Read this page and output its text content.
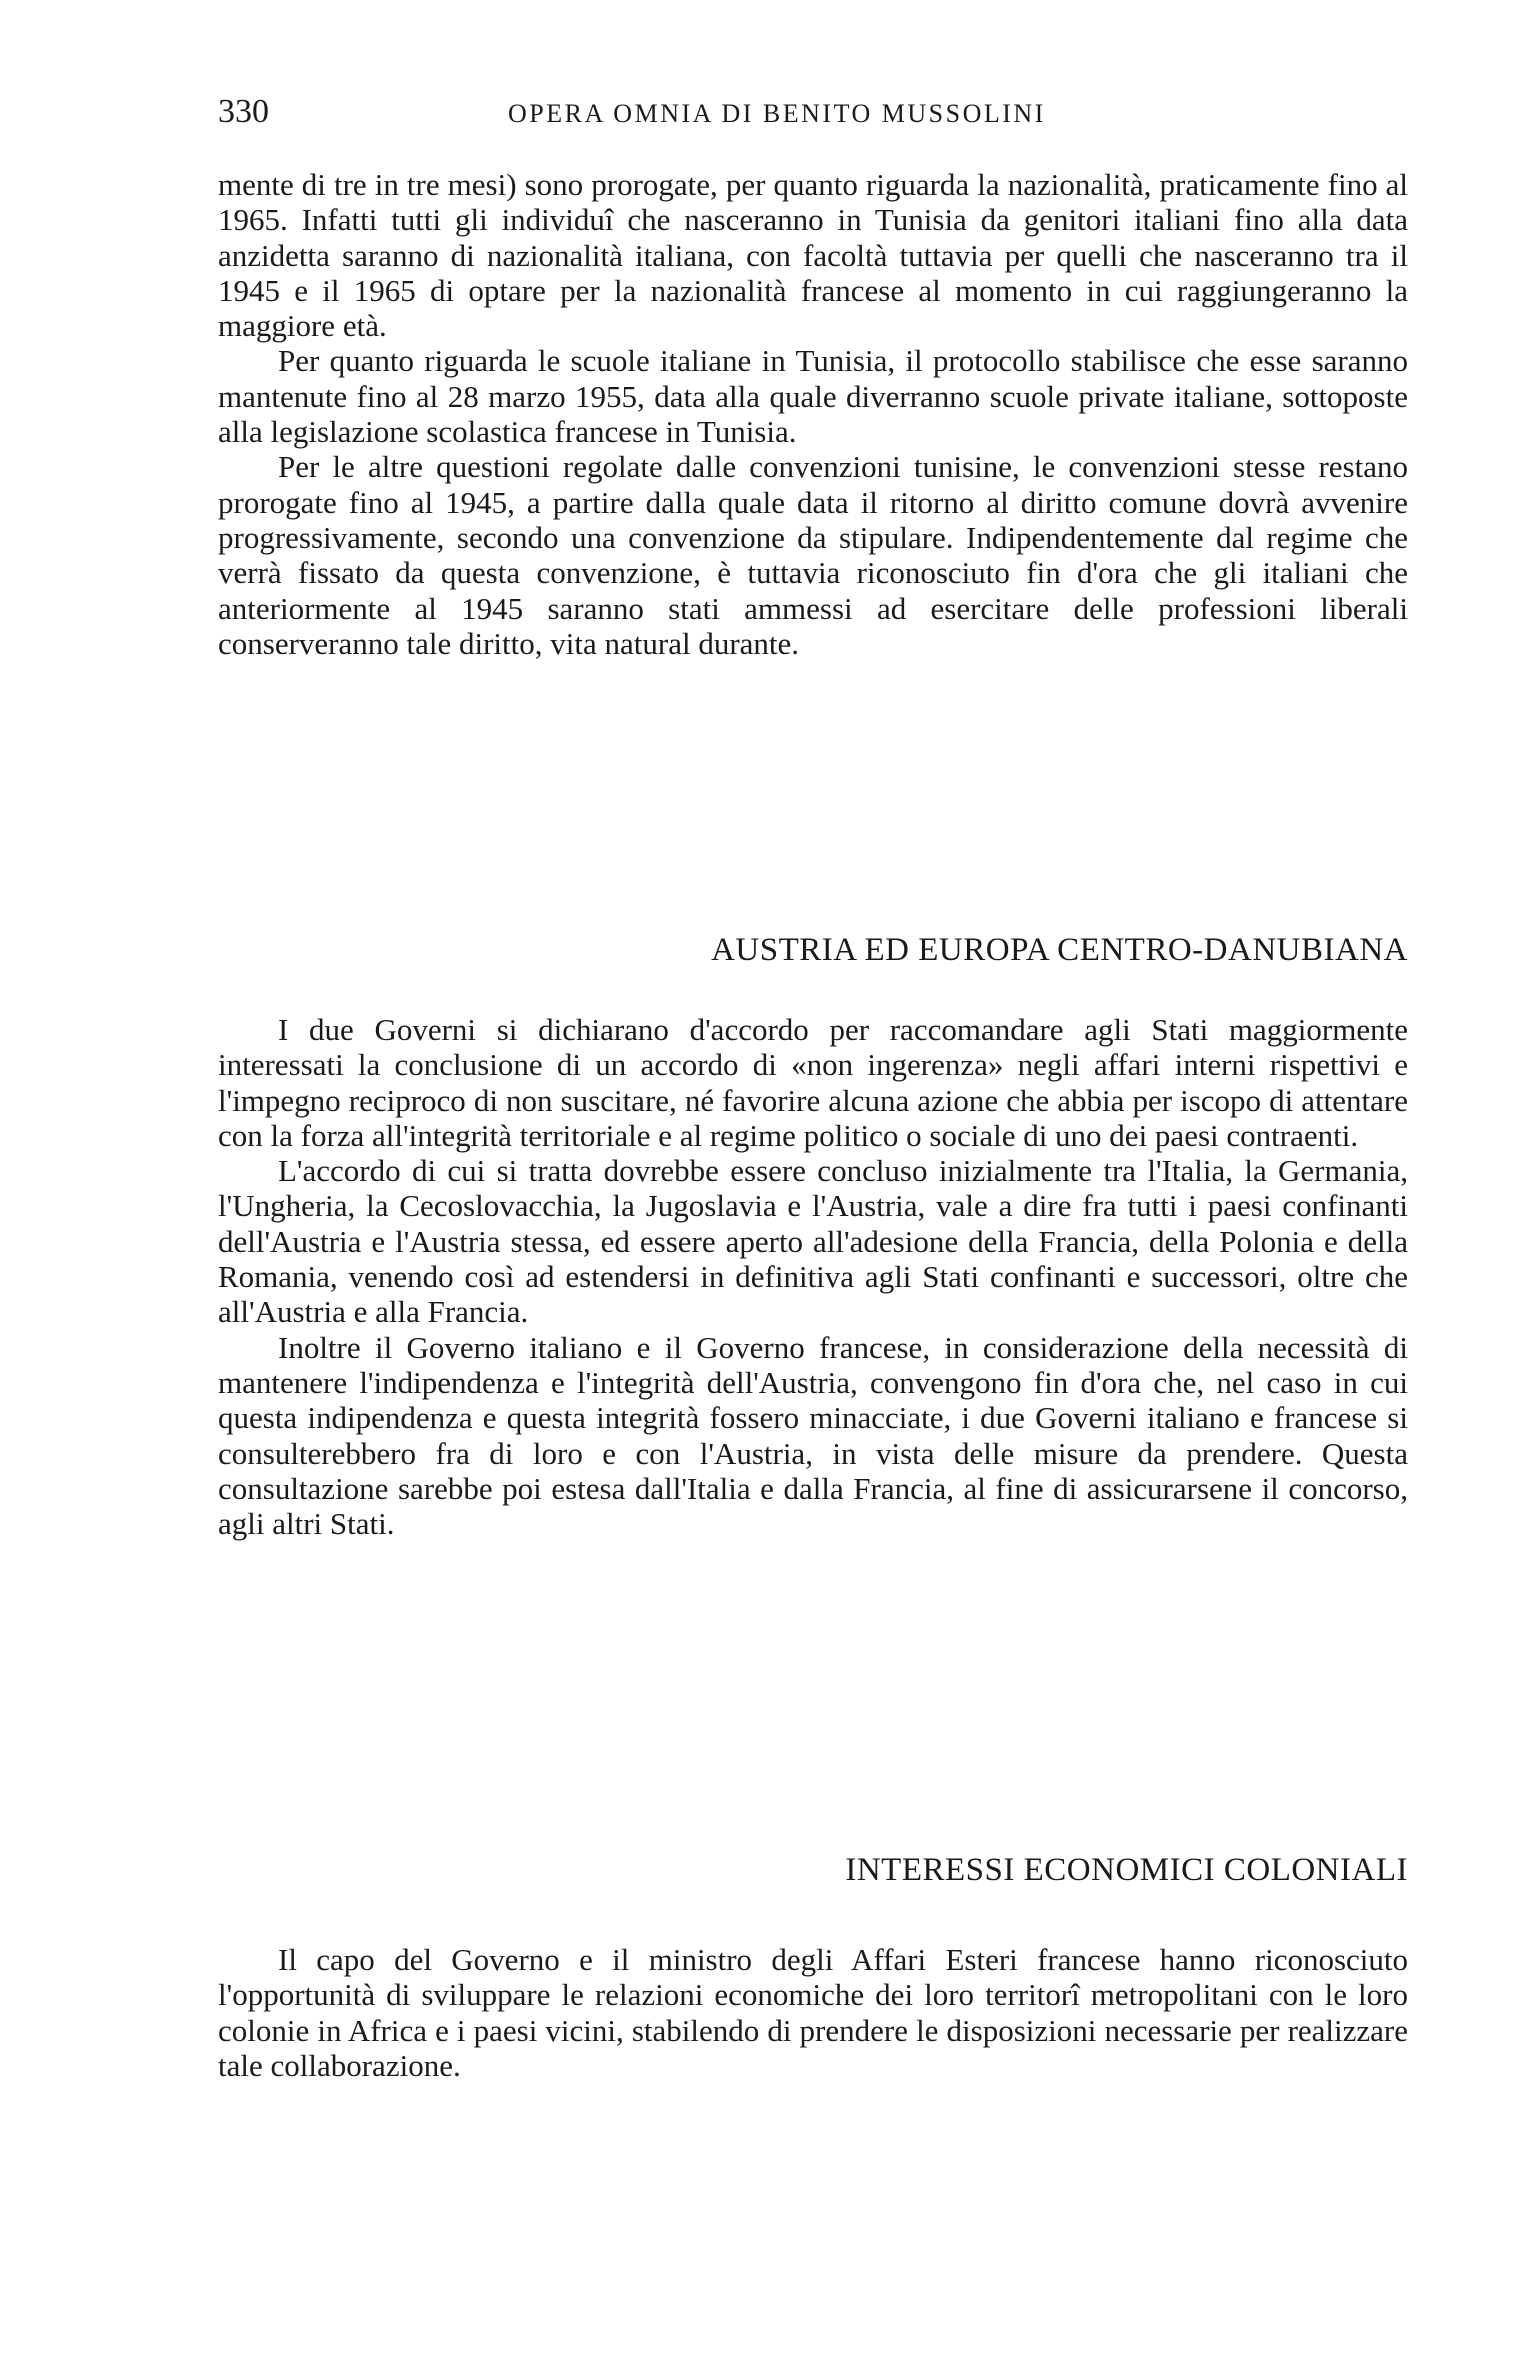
330	OPERA OMNIA DI BENITO MUSSOLINI

mente di tre in tre mesi) sono prorogate, per quanto riguarda la nazionalità, praticamente fino al 1965. Infatti tutti gli individuî che nasceranno in Tunisia da genitori italiani fino alla data anzidetta saranno di nazionalità italiana, con facoltà tuttavia per quelli che nasceranno tra il 1945 e il 1965 di optare per la nazionalità francese al momento in cui raggiungeranno la maggiore età.

Per quanto riguarda le scuole italiane in Tunisia, il protocollo stabilisce che esse saranno mantenute fino al 28 marzo 1955, data alla quale diverranno scuole private italiane, sottoposte alla legislazione scolastica francese in Tunisia.

Per le altre questioni regolate dalle convenzioni tunisine, le convenzioni stesse restano prorogate fino al 1945, a partire dalla quale data il ritorno al diritto comune dovrà avvenire progressivamente, secondo una convenzione da stipulare. Indipendentemente dal regime che verrà fissato da questa convenzione, è tuttavia riconosciuto fin d'ora che gli italiani che anteriormente al 1945 saranno stati ammessi ad esercitare delle professioni liberali conserveranno tale diritto, vita natural durante.

AUSTRIA ED EUROPA CENTRO-DANUBIANA

I due Governi si dichiarano d'accordo per raccomandare agli Stati maggiormente interessati la conclusione di un accordo di «non ingerenza» negli affari interni rispettivi e l'impegno reciproco di non suscitare, né favorire alcuna azione che abbia per iscopo di attentare con la forza all'integrità territoriale e al regime politico o sociale di uno dei paesi contraenti.

L'accordo di cui si tratta dovrebbe essere concluso inizialmente tra l'Italia, la Germania, l'Ungheria, la Cecoslovacchia, la Jugoslavia e l'Austria, vale a dire fra tutti i paesi confinanti dell'Austria e l'Austria stessa, ed essere aperto all'adesione della Francia, della Polonia e della Romania, venendo così ad estendersi in definitiva agli Stati confinanti e successori, oltre che all'Austria e alla Francia.

Inoltre il Governo italiano e il Governo francese, in considerazione della necessità di mantenere l'indipendenza e l'integrità dell'Austria, convengono fin d'ora che, nel caso in cui questa indipendenza e questa integrità fossero minacciate, i due Governi italiano e francese si consulterebbero fra di loro e con l'Austria, in vista delle misure da prendere. Questa consultazione sarebbe poi estesa dall'Italia e dalla Francia, al fine di assicurarsene il concorso, agli altri Stati.

INTERESSI ECONOMICI COLONIALI

Il capo del Governo e il ministro degli Affari Esteri francese hanno riconosciuto l'opportunità di sviluppare le relazioni economiche dei loro territorî metropolitani con le loro colonie in Africa e i paesi vicini, stabilendo di prendere le disposizioni necessarie per realizzare tale collaborazione.
